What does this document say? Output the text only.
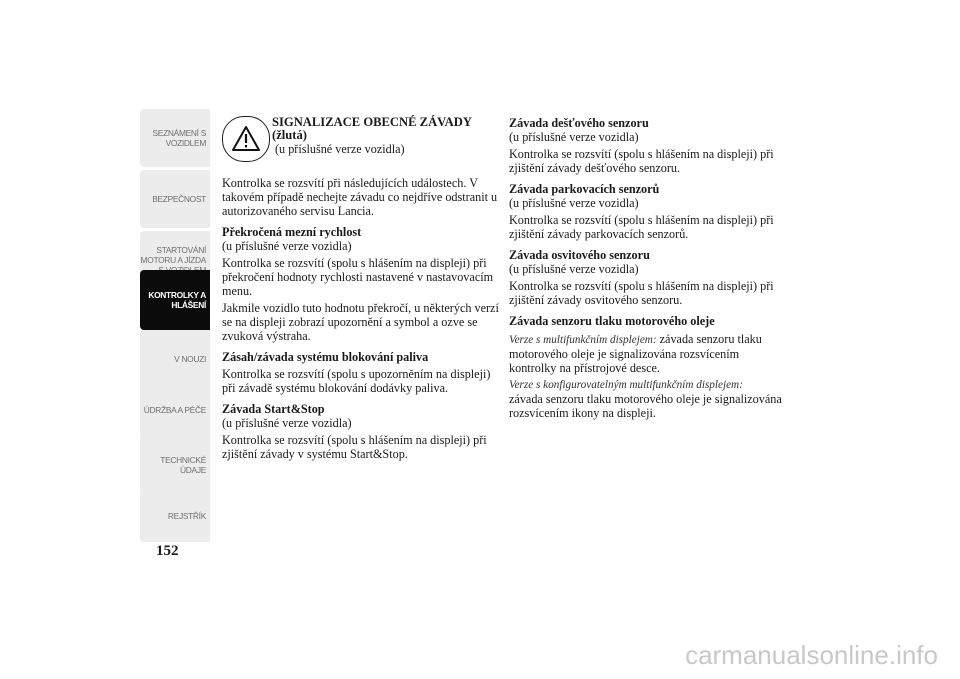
SEZNÁMENÍ S
VOZIDLEM
BEZPEČNOST
STARTOVÁNÍ
MOTORU A JÍZDA

KONTROLKY A
HLÁŠENÍ
V NOUZI
ÚDRŽBA A PÉČE
TECHNICKÉ
ÚDAJE
REJSTŘÍK
152
SIGNALIZACE OBECNÉ ZÁVADY (žlutá)
(u příslušné verze vozidla)

Kontrolka se rozsvítí při následujících událostech. V takovém případě nechejte závadu co nejdříve odstranit u autorizovaného servisu Lancia.

Překročená mezní rychlost

(u příslušné verze vozidla)

Kontrolka se rozsvítí (spolu s hlášením na displeji) při překročení hodnoty rychlosti nastavené v nastavovacím menu.

Jakmile vozidlo tuto hodnotu překročí, u některých verzí se na displeji zobrazí upozornění a symbol a ozve se zvuková výstraha.

Zásah/závada systému blokování paliva

Kontrolka se rozsvítí (spolu s upozorněním na displeji) při závadě systému blokování dodávky paliva.

Závada Start&Stop

(u příslušné verze vozidla)

Kontrolka se rozsvítí (spolu s hlášením na displeji) při zjištění závady v systému Start&Stop.

Závada dešťového senzoru

(u příslušné verze vozidla)

Kontrolka se rozsvítí (spolu s hlášením na displeji) při zjištění závady dešťového senzoru.

Závada parkovacích senzorů

(u příslušné verze vozidla)

Kontrolka se rozsvítí (spolu s hlášením na displeji) při zjištění závady parkovacích senzorů.

Závada osvitového senzoru

(u příslušné verze vozidla)

Kontrolka se rozsvítí (spolu s hlášením na displeji) při zjištění závady osvitového senzoru.

Závada senzoru tlaku motorového oleje

Verze s multifunkčním displejem: závada senzoru tlaku motorového oleje je signalizována rozsvícením kontrolky na přístrojové desce.

Verze s konfigurovatelným multifunkčním displejem:

závada senzoru tlaku motorového oleje je signalizována rozsvícením ikony na displeji.

carmanualsonline.info
